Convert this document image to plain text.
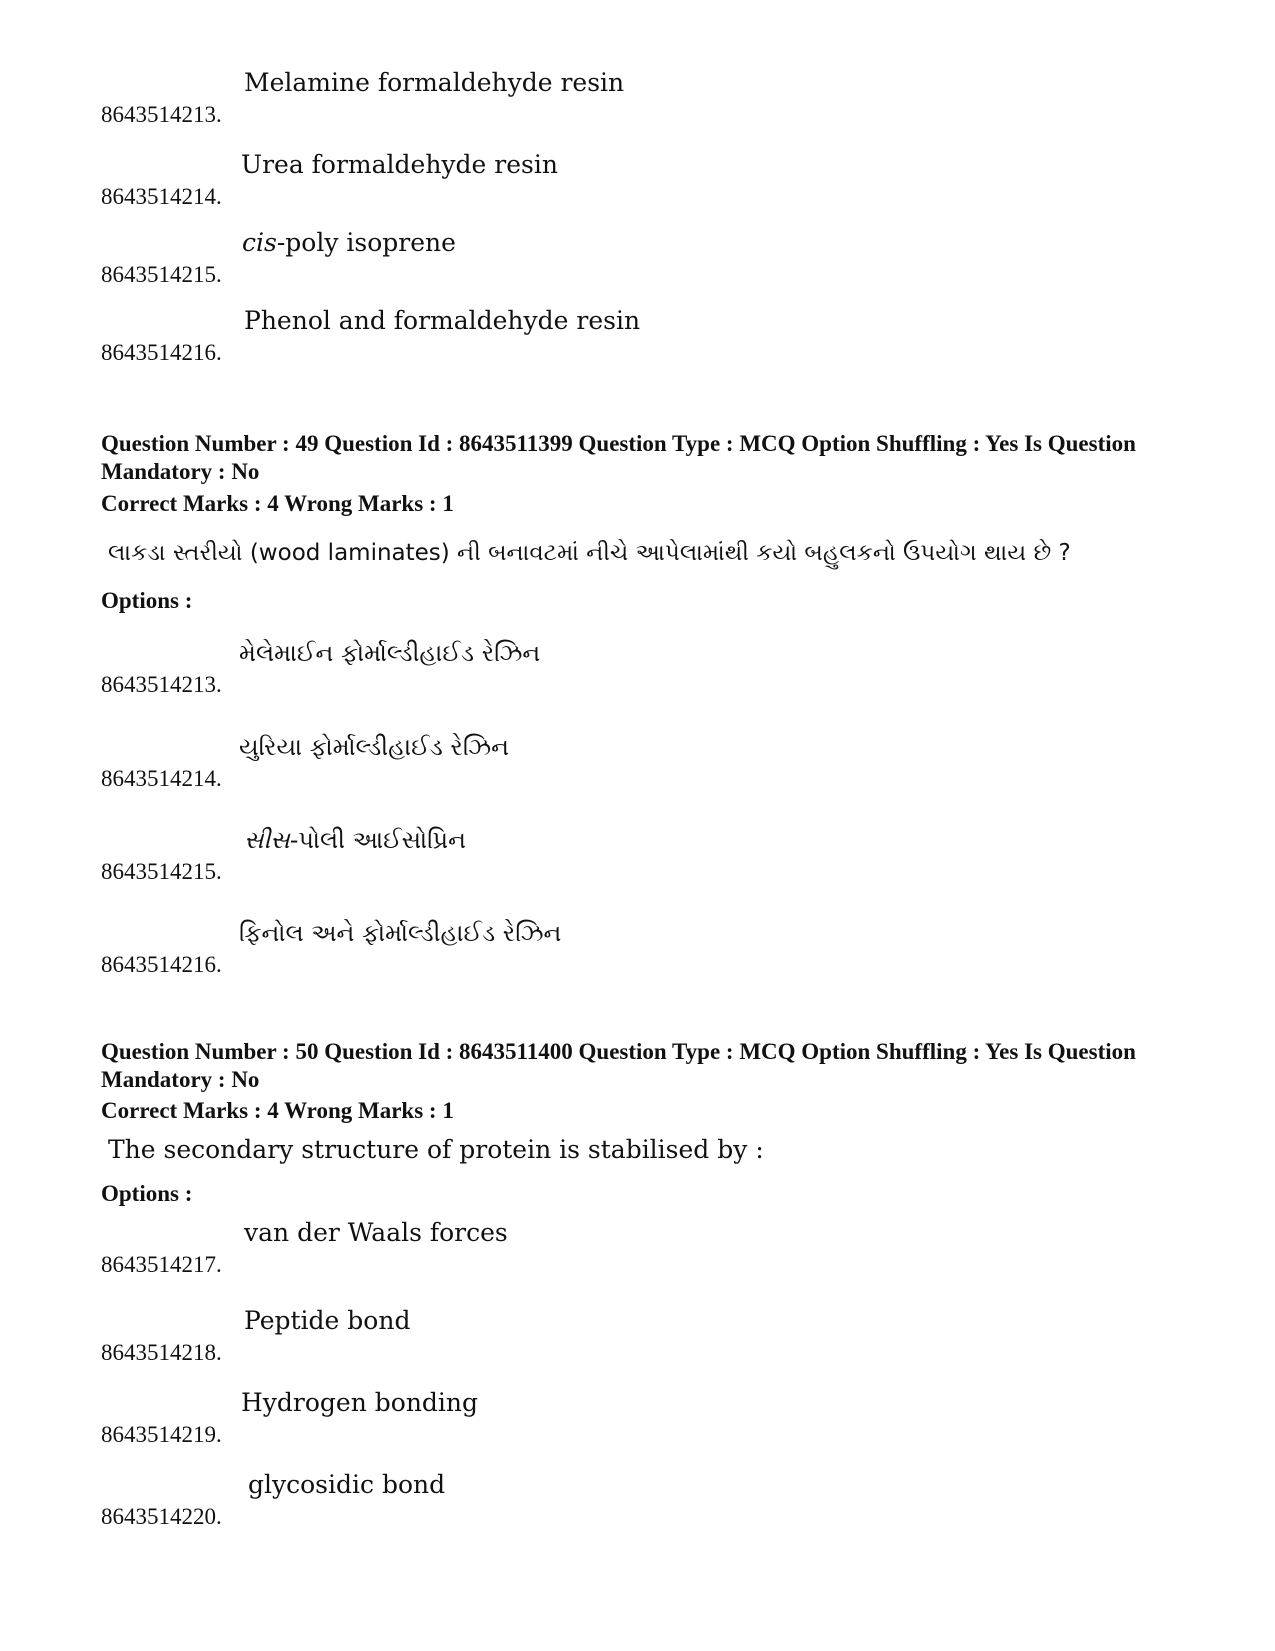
8643514213.
Melamine formaldehyde resin
8643514214.
Urea formaldehyde resin
8643514215.
cis-poly isoprene
8643514216.
Phenol and formaldehyde resin
Question Number : 49 Question Id : 8643511399 Question Type : MCQ Option Shuffling : Yes Is Question Mandatory : No
Correct Marks : 4 Wrong Marks : 1
લાકડા સ્તરીયો (wood laminates) ની બનાવટમાં નીચે આપેલામાંથી કયો બહુલકનો ઉપયોગ થાય છે ?
Options :
8643514213.
મેલેમાઈન ફોર્માલ્ડીહાઈડ રેઝિન
8643514214.
યુરિયા ફોર્માલ્ડીહાઈડ રેઝિન
8643514215.
સીસ-પોલી આઈસોપ્રિન
8643514216.
ફિનોલ અને ફોર્માલ્ડીહાઈડ રેઝિન
Question Number : 50 Question Id : 8643511400 Question Type : MCQ Option Shuffling : Yes Is Question Mandatory : No
Correct Marks : 4 Wrong Marks : 1
The secondary structure of protein is stabilised by :
Options :
8643514217.
van der Waals forces
8643514218.
Peptide bond
8643514219.
Hydrogen bonding
8643514220.
glycosidic bond
